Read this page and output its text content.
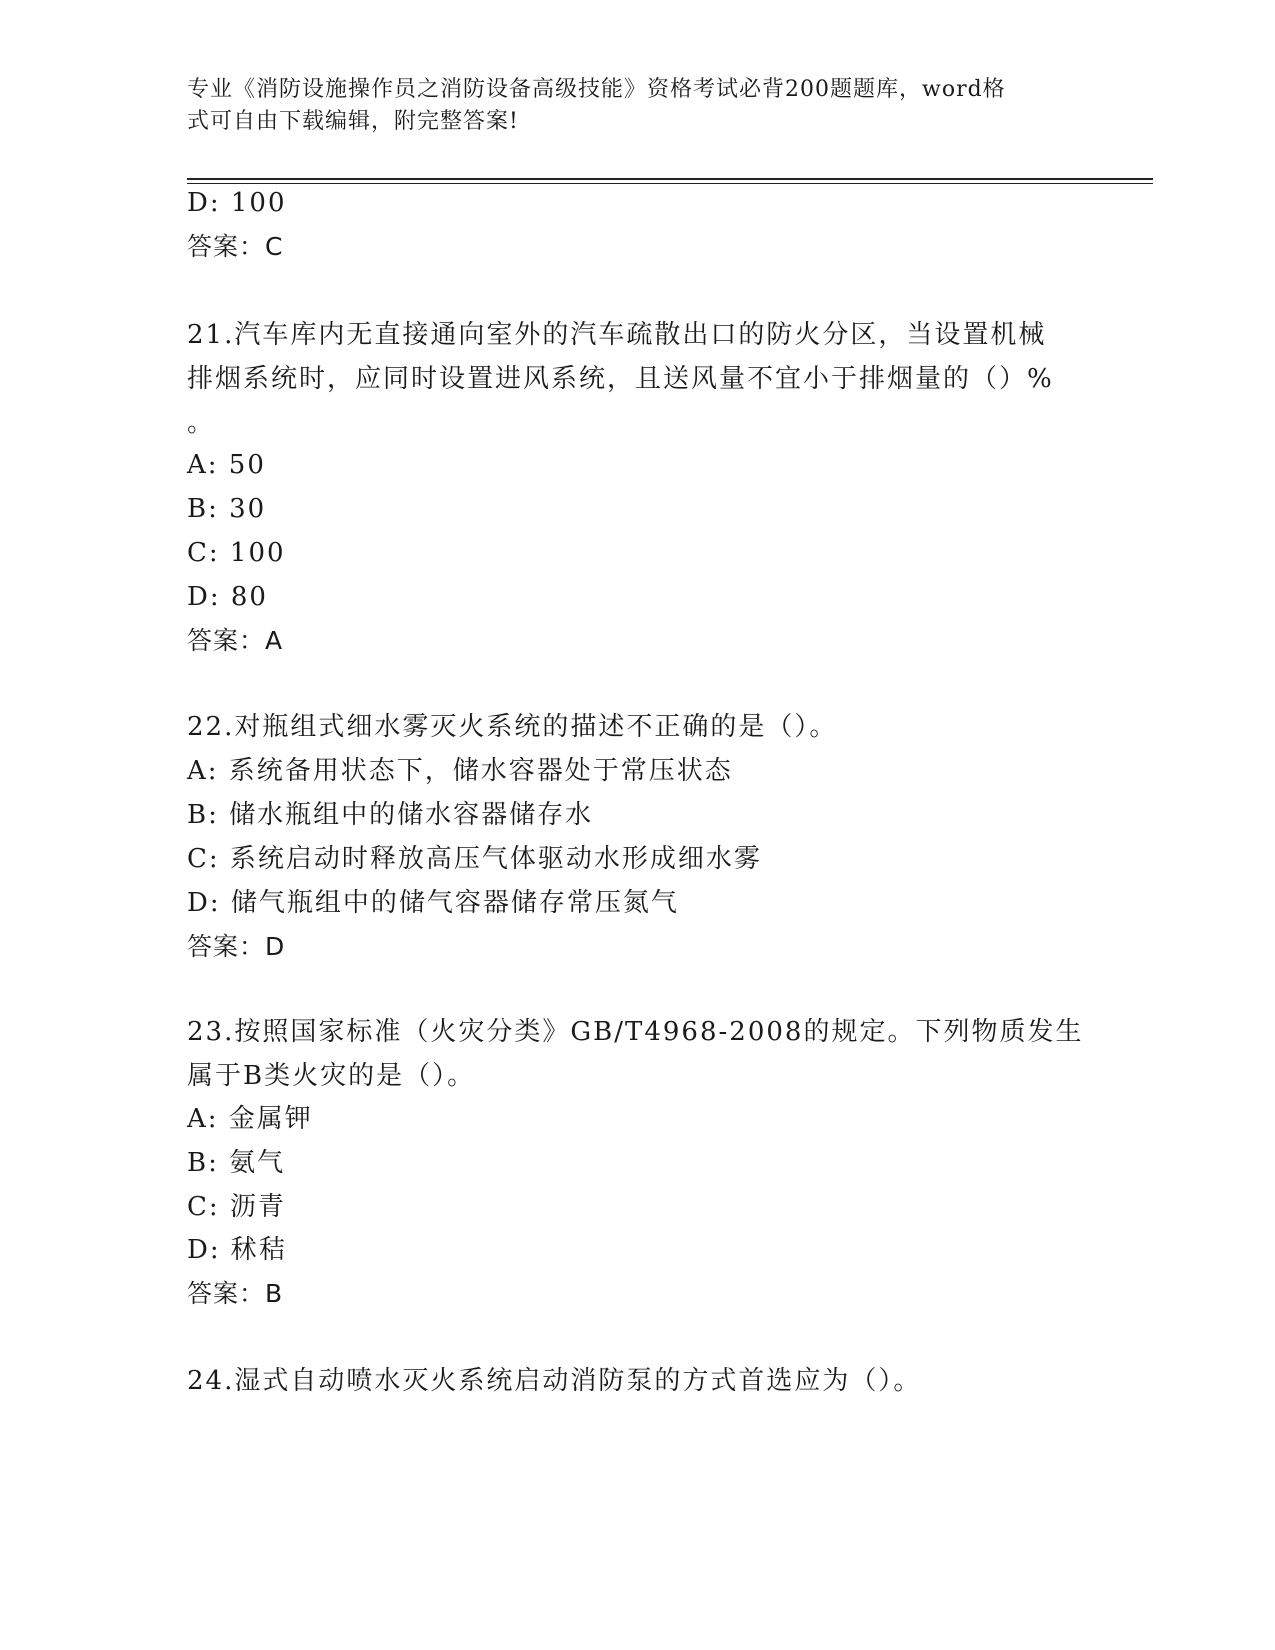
专业《消防设施操作员之消防设备高级技能》资格考试必背200题题库，word格
式可自由下载编辑，附完整答案!
D: 100
答案：C
21.汽车库内无直接通向室外的汽车疏散出口的防火分区，当设置机械
排烟系统时，应同时设置进风系统，且送风量不宜小于排烟量的（）%
。
A: 50
B: 30
C: 100
D: 80
答案：A
22.对瓶组式细水雾灭火系统的描述不正确的是（）。
A: 系统备用状态下，储水容器处于常压状态
B: 储水瓶组中的储水容器储存水
C: 系统启动时释放高压气体驱动水形成细水雾
D: 储气瓶组中的储气容器储存常压氮气
答案：D
23.按照国家标准（火灾分类》GB/T4968-2008的规定。下列物质发生
属于B类火灾的是（）。
A: 金属钾
B: 氨气
C: 沥青
D: 秫秸
答案：B
24.湿式自动喷水灭火系统启动消防泵的方式首选应为（）。
